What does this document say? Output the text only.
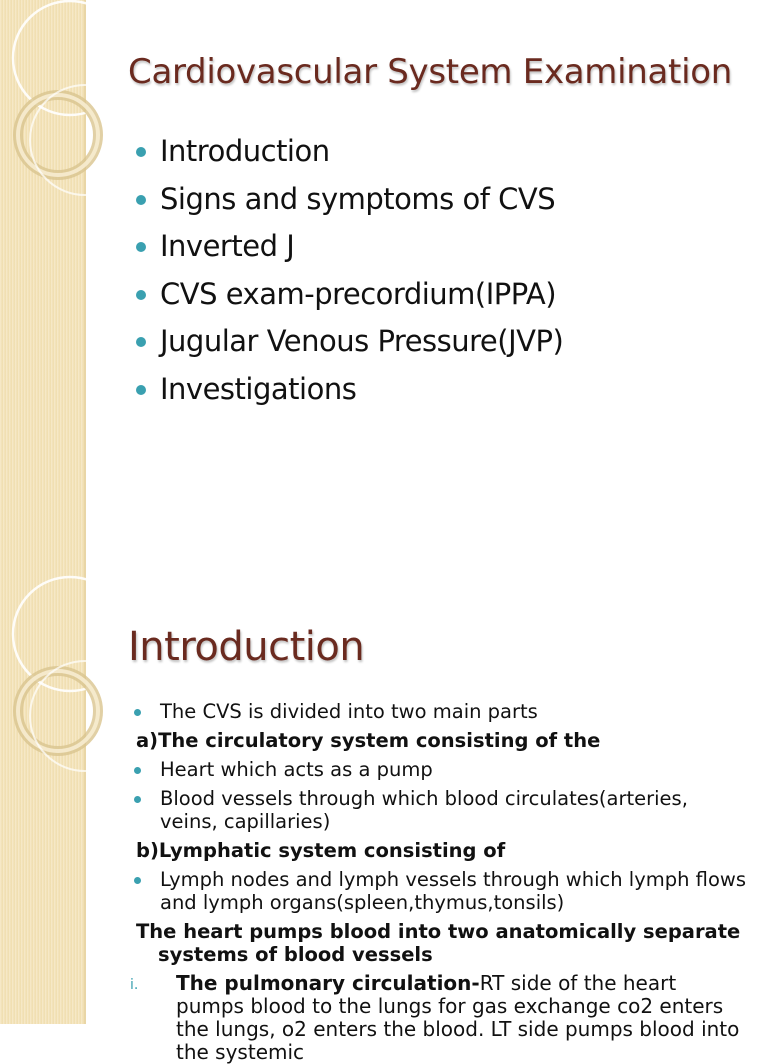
Cardiovascular System Examination
Introduction
Signs and symptoms of CVS
Inverted J
CVS exam-precordium(IPPA)
Jugular Venous Pressure(JVP)
Investigations
Introduction
The CVS is divided into two main parts
a)The circulatory system consisting of the
Heart which acts as a pump
Blood vessels through which blood circulates(arteries, veins, capillaries)
b)Lymphatic system consisting of
Lymph nodes and lymph vessels through which lymph flows and lymph organs(spleen,thymus,tonsils)
The heart pumps blood into two anatomically separate systems of blood vessels
i. The pulmonary circulation-RT side of the heart pumps blood to the lungs for gas exchange co2 enters the lungs, o2 enters the blood. LT side pumps blood into the systemic
